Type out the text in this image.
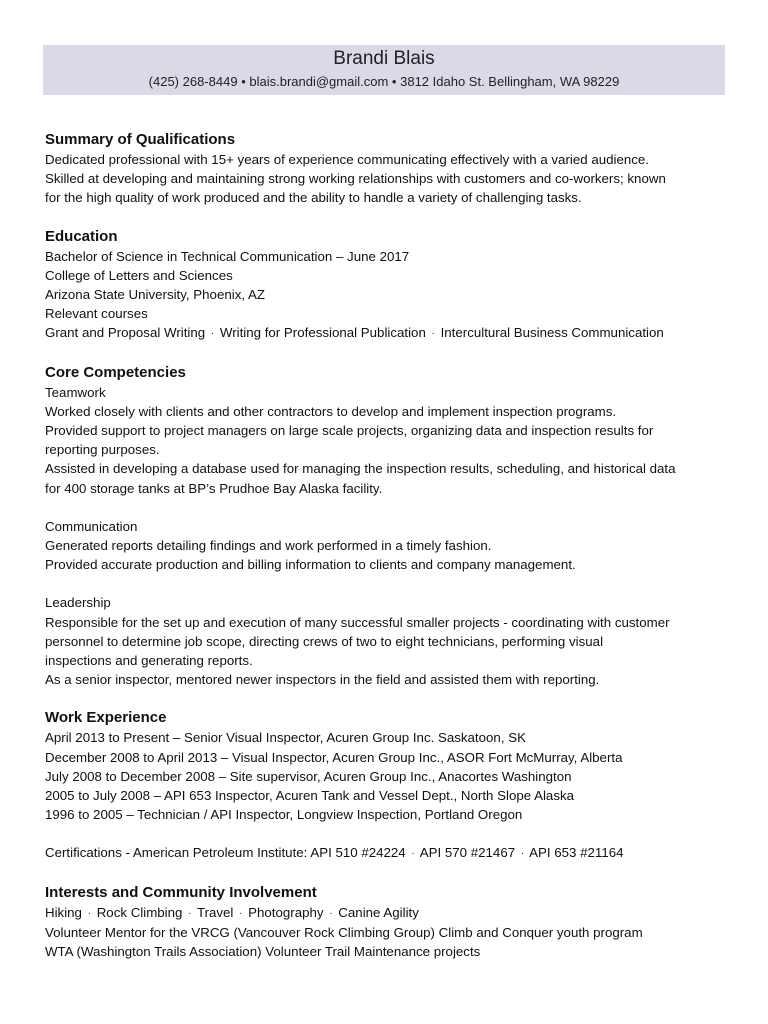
Brandi Blais
(425) 268-8449 • blais.brandi@gmail.com • 3812 Idaho St. Bellingham, WA 98229
Summary of Qualifications
Dedicated professional with 15+ years of experience communicating effectively with a varied audience.
Skilled at developing and maintaining strong working relationships with customers and co-workers; known
for the high quality of work produced and the ability to handle a variety of challenging tasks.
Education
Bachelor of Science in Technical Communication – June 2017
College of Letters and Sciences
Arizona State University, Phoenix, AZ
Relevant courses
Grant and Proposal Writing · Writing for Professional Publication · Intercultural Business Communication
Core Competencies
Teamwork
Worked closely with clients and other contractors to develop and implement inspection programs.
Provided support to project managers on large scale projects, organizing data and inspection results for
reporting purposes.
Assisted in developing a database used for managing the inspection results, scheduling, and historical data
for 400 storage tanks at BP’s Prudhoe Bay Alaska facility.
Communication
Generated reports detailing findings and work performed in a timely fashion.
Provided accurate production and billing information to clients and company management.
Leadership
Responsible for the set up and execution of many successful smaller projects - coordinating with customer
personnel to determine job scope, directing crews of two to eight technicians, performing visual
inspections and generating reports.
As a senior inspector, mentored newer inspectors in the field and assisted them with reporting.
Work Experience
April 2013 to Present – Senior Visual Inspector, Acuren Group Inc. Saskatoon, SK
December 2008 to April 2013 – Visual Inspector, Acuren Group Inc., ASOR Fort McMurray, Alberta
July 2008 to December 2008 – Site supervisor, Acuren Group Inc., Anacortes Washington
2005 to July 2008 – API 653 Inspector, Acuren Tank and Vessel Dept., North Slope Alaska
1996 to 2005 – Technician / API Inspector, Longview Inspection, Portland Oregon
Certifications - American Petroleum Institute: API 510 #24224 · API 570 #21467 · API 653 #21164
Interests and Community Involvement
Hiking · Rock Climbing · Travel · Photography · Canine Agility
Volunteer Mentor for the VRCG (Vancouver Rock Climbing Group) Climb and Conquer youth program
WTA (Washington Trails Association) Volunteer Trail Maintenance projects
